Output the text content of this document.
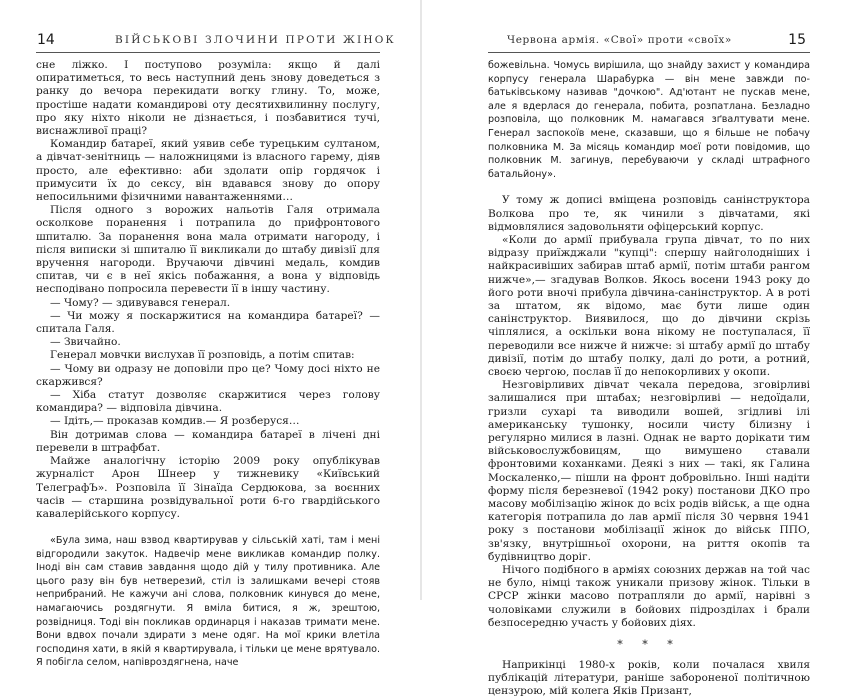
14	ВІЙСЬКОВІ ЗЛОЧИНИ ПРОТИ ЖІНОК

сне ліжко. І поступово розуміла: якщо й далі опиратиметься, то весь наступний день знову доведеться з ранку до вечора перекидати вогку глину. То, може, простіше надати командирові оту десятихвилинну послугу, про яку ніхто ніколи не дізнається, і позбавитися тучі, виснажливої праці?

Командир батареї, який уявив себе турецьким султаном, а дівчат-зенітниць — наложницями із власного гарему, діяв просто, але ефективно: аби здолати опір гордячок і примусити їх до сексу, він вдавався знову до опору непосильними фізичними навантаженнями…

Після одного з ворожих нальотів Галя отримала осколкове поранення і потрапила до прифронтового шпиталю. За поранення вона мала отримати нагороду, і після виписки зі шпиталю її викликали до штабу дивізії для вручення нагороди. Вручаючи дівчині медаль, комдив спитав, чи є в неї якісь побажання, а вона у відповідь несподівано попросила перевести її в іншу частину.

— Чому? — здивувався генерал.

— Чи можу я поскаржитися на командира батареї? — спитала Галя.

— Звичайно.

Генерал мовчки вислухав її розповідь, а потім спитав:

— Чому ви одразу не доповіли про це? Чому досі ніхто не скаржився?

— Хіба статут дозволяє скаржитися через голову командира? — відповіла дівчина.

— Ідіть,— проказав комдив.— Я розберуся…

Він дотримав слова — командира батареї в лічені дні перевели в штрафбат.

Майже аналогічну історію 2009 року опублікував журналіст Арон Шнеер у тижневику «Київський ТелеграфЪ». Розповіла її Зінаїда Сердюкова, за воєнних часів — старшина розвідувальної роти 6-го гвардійського кавалерійського корпусу.

«Була зима, наш взвод квартирував у сільській хаті, там і мені відгородили закуток. Надвечір мене викликав командир полку. Іноді він сам ставив завдання щодо дій у тилу противника. Але цього разу він був нетверезий, стіл із залишками вечері стояв неприбраний. Не кажучи ані слова, полковник кинувся до мене, намагаючись роздягнути. Я вміла битися, я ж, зрештою, розвідниця. Тоді він покликав ординарця і наказав тримати мене. Вони вдвох почали здирати з мене одяг. На мої крики влетіла господиня хати, в якій я квартирувала, і тільки це мене врятувало. Я побігла селом, напівроздягнена, наче

Червона армія. «Свої» проти «своїх»	15

божевільна. Чомусь вирішила, що знайду захист у командира корпусу генерала Шарабурка — він мене завжди по-батьківському називав "дочкою". Ад'ютант не пускав мене, але я вдерлася до генерала, побита, розпатлана. Безладно розповіла, що полковник М. намагався зґвалтувати мене. Генерал заспокоїв мене, сказавши, що я більше не побачу полковника М. За місяць командир моєї роти повідомив, що полковник М. загинув, перебуваючи у складі штрафного батальйону».

У тому ж дописі вміщена розповідь санінструктора Волкова про те, як чинили з дівчатами, які відмовлялися задовольняти офіцерський корпус.

«Коли до армії прибувала група дівчат, то по них відразу приїжджали "купці": спершу найголодніших і найкрасивіших забирав штаб армії, потім штаби рангом нижче»,— згадував Волков. Якось восени 1943 року до його роти вночі прибула дівчина-санінструктор. А в роті за штатом, як відомо, має бути лише один санінструктор. Виявилося, що до дівчини скрізь чіплялися, а оскільки вона нікому не поступалася, її переводили все нижче й нижче: зі штабу армії до штабу дивізії, потім до штабу полку, далі до роти, а ротний, своєю чергою, послав її до непокорливих у окопи.

Незговірливих дівчат чекала передова, зговірливі залишалися при штабах; незговірливі — недоїдали, гризли сухарі та виводили вошей, згідливі ілі американську тушонку, носили чисту білизну і регулярно милися в лазні. Однак не варто дорікати тим військовослужбовицям, що вимушено ставали фронтовими коханками. Деякі з них — такі, як Галина Москаленко,— пішли на фронт добровільно. Інші надіти форму після березневої (1942 року) постанови ДКО про масову мобілізацію жінок до всіх родів військ, а ще одна категорія потрапила до лав армії після 30 червня 1941 року з постанови мобілізації жінок до військ ППО, зв'язку, внутрішньої охорони, на риття окопів та будівництво доріг.

Нічого подібного в арміях союзних держав на той час не було, німці також уникали призову жінок. Тільки в СРСР жінки масово потрапляли до армії, нарівні з чоловіками служили в бойових підрозділах і брали безпосередню участь у бойових діях.

* * *

Наприкінці 1980-х років, коли почалася хвиля публікацій літератури, раніше забороненої політичною цензурою, мій колега Яків Призант,
